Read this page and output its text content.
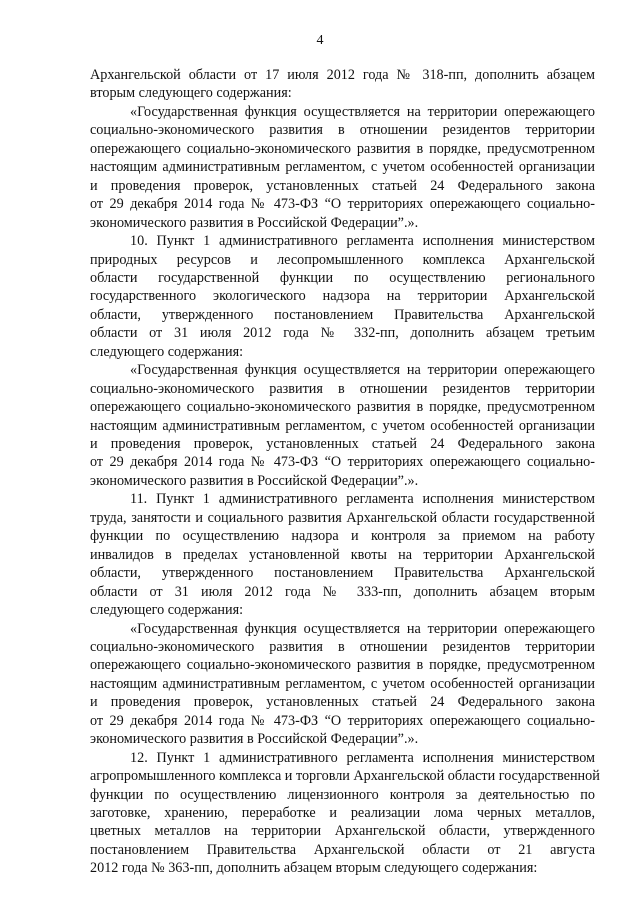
4
Архангельской области от 17 июля 2012 года № 318-пп, дополнить абзацем
вторым следующего содержания:
«Государственная функция осуществляется на территории опережающего
социально-экономического развития в отношении резидентов территории
опережающего социально-экономического развития в порядке, предусмотренном
настоящим административным регламентом, с учетом особенностей организации
и проведения проверок, установленных статьей 24 Федерального закона
от 29 декабря 2014 года № 473-ФЗ “О территориях опережающего социально-
экономического развития в Российской Федерации”.».
10. Пункт 1 административного регламента исполнения министерством
природных ресурсов и лесопромышленного комплекса Архангельской
области государственной функции по осуществлению регионального
государственного экологического надзора на территории Архангельской
области, утвержденного постановлением Правительства Архангельской
области от 31 июля 2012 года № 332-пп, дополнить абзацем третьим
следующего содержания:
«Государственная функция осуществляется на территории опережающего
социально-экономического развития в отношении резидентов территории
опережающего социально-экономического развития в порядке, предусмотренном
настоящим административным регламентом, с учетом особенностей организации
и проведения проверок, установленных статьей 24 Федерального закона
от 29 декабря 2014 года № 473-ФЗ “О территориях опережающего социально-
экономического развития в Российской Федерации”.».
11. Пункт 1 административного регламента исполнения министерством
труда, занятости и социального развития Архангельской области государственной
функции по осуществлению надзора и контроля за приемом на работу
инвалидов в пределах установленной квоты на территории Архангельской
области, утвержденного постановлением Правительства Архангельской
области от 31 июля 2012 года № 333-пп, дополнить абзацем вторым
следующего содержания:
«Государственная функция осуществляется на территории опережающего
социально-экономического развития в отношении резидентов территории
опережающего социально-экономического развития в порядке, предусмотренном
настоящим административным регламентом, с учетом особенностей организации
и проведения проверок, установленных статьей 24 Федерального закона
от 29 декабря 2014 года № 473-ФЗ “О территориях опережающего социально-
экономического развития в Российской Федерации”.».
12. Пункт 1 административного регламента исполнения министерством
агропромышленного комплекса и торговли Архангельской области государственной
функции по осуществлению лицензионного контроля за деятельностью по
заготовке, хранению, переработке и реализации лома черных металлов,
цветных металлов на территории Архангельской области, утвержденного
постановлением Правительства Архангельской области от 21 августа
2012 года № 363-пп, дополнить абзацем вторым следующего содержания:
